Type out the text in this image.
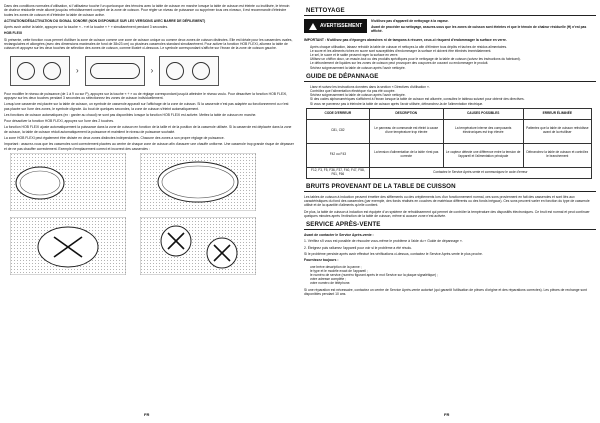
Dans des conditions normales d'utilisation, si l'utilisateur touche l'un quelconque des témoins avec la table de cuisson en marche lorsque la table de cuisson est éteinte ou inutilisée, le témoin de chaleur résiduelle reste allumé jusqu'au refroidissement complet de la zone de cuisson. Pour régler un niveau de puissance ou supprimer tous ces niveaux, il est recommandé d'éteindre toutes les zones de cuisson et d'éteindre la table de cuisson active.

ACTIVATION/DÉSACTIVATION DU SIGNAL SONORE (NON DISPONIBLE SUR LES VERSIONS AVEC BARRE DE DÉFILEMENT)

Après avoir activé la table, appuyez sur la touche « - » et la touche « + » simultanément pendant 3 secondes.

HOB FLEXI

Si présente, cette fonction vous permet d'utiliser la zone de cuisson comme une zone de cuisson unique ou comme deux zones de cuisson distinctes. Elle est idéale pour les casseroles ovales, rectangulaires et allongées (avec des dimensions maximales de fond de 38x23 cm) ou plusieurs casseroles standard simultanément. Pour activer la fonction HOB FLEXI, allumez la table de cuisson et appuyez sur les deux touches de sélection des zones de cuisson, comme illustré ci-dessous. Le symbole correspondant s'affiche sur l'écran de la zone de cuisson gauche.

›	›

Pour modifier le niveau de puissance (de 1 à 9 ou sur P), appuyez sur la touche « + » ou de réglage correspondant jusqu'à atteindre le niveau voulu. Pour désactiver la fonction HOB FLEXI, appuyez sur les deux touches pendant 3 secondes ou sélectionnez les zones de cuisson individuellement.

Lorsqu'une casserole est placée sur la table de cuisson, un symbole de casserole apparaît sur l'affichage de la zone de cuisson. Si la casserole n'est pas adaptée au fonctionnement ou n'est pas placée sur l'une des zones, le symbole clignote. Au bout de quelques secondes, la zone de cuisson s'éteint automatiquement.

Les fonctions de cuisson automatiques (ex : garder au chaud) ne sont pas disponibles lorsque la fonction HOB FLEXI est activée. Mettez la table de cuisson en marche.

Pour désactiver la fonction HOB FLEXI, appuyez sur l'une des 2 touches.

La fonction HOB FLEXI ajuste automatiquement la puissance dans la zone de cuisson en fonction de la taille et de la position de la casserole utilisée. Si la casserole est déplacée dans la zone de cuisson, la table de cuisson réduit automatiquement la puissance et maintient le niveau de puissance souhaité.

La zone HOB FLEXI peut également être divisée en deux zones distinctes indépendantes. Chacune des zones a son propre réglage de puissance.

Important : assurez-vous que les casseroles sont correctement placées au centre de chaque zone de cuisson afin d'assurer une chauffe uniforme. Une casserole trop grande risque de dépasser et de ne pas chauffer correctement. Exemple d'emplacement correct et incorrect des casseroles :

FR
NETTOYAGE
AVERTISSEMENT

N'utilisez pas d'appareil de nettoyage à la vapeur.

Avant de procéder au nettoyage, assurez-vous que les zones de cuisson sont éteintes et que le témoin de chaleur résiduelle (H) n'est pas affiché.

IMPORTANT : N'utilisez pas d'éponges abrasives ni de tampons à récurer, ceux-ci risquent d'endommager la surface en verre.

• Après chaque utilisation, laissez refroidir la table de cuisson et nettoyez-la afin d'éliminer tous dépôts et taches de résidus alimentaires.
• Le sucre et les aliments riches en sucre sont susceptibles d'endommager la surface et doivent être éliminés immédiatement.
• Le sel, le sucre et le sable peuvent rayer la surface en verre.
• Utilisez un chiffon doux, un essuie-tout ou des produits spécifiques pour le nettoyage de la table de cuisson (suivez les instructions du fabricant).
• Le débordement de liquides sur les zones de cuisson peut provoquer des coupures de courant ou endommager le produit.
• Séchez soigneusement la table de cuisson après l'avoir nettoyée.
GUIDE DE DÉPANNAGE
• Lisez et suivez les instructions données dans la section « Directives d'utilisation ».
• Contrôlez que l'alimentation électrique n'a pas été coupée.
• Séchez soigneusement la table de cuisson après l'avoir nettoyée.
• Si des codes alphanumériques s'affichent à l'écran lorsque la table de cuisson est allumée, consultez le tableau suivant pour obtenir des directives.
• Si vous ne parvenez pas à éteindre la table de cuisson après l'avoir utilisée, débranchez-la de l'alimentation électrique.
CODE D'ERREUR	DESCRIPTION	CAUSES POSSIBLES	ERREUR ÉLIMINÉE
C81, C82	Le panneau de commande est éteint à cause d'une température trop élevée	La température interne des composants électroniques est trop élevée	Patientez que la table de cuisson refroidisse avant de la réutiliser
F42 ou F43	La tension d'alimentation de la table n'est pas correcte	Le capteur détecte une différence entre la tension de l'appareil et l'alimentation principale	Débranchez la table de cuisson et contrôlez le branchement
F12, F3, F5, F36, F37, F40, F47, F58, F61, F66	Contactez le Service Après-vente et communiquez le code d'erreur		
BRUITS PROVENANT DE LA TABLE DE CUISSON

Les tables de cuisson à induction peuvent émettre des sifflements ou des crépitements lors d'un fonctionnement normal, ces sons proviennent en fait des casseroles et sont liés aux caractéristiques du fond des casseroles (par exemple, des fonds réalisés en couches de matériaux différents ou des fonds inégaux). Ces sons peuvent varier en fonction du type de casserole utilisé et de la quantité d'aliments qu'elle contient.

De plus, la table de cuisson à induction est équipée d'un système de refroidissement qui permet de contrôler la température des dispositifs électroniques. Ce bruit est normal et peut continuer quelques minutes après l'extinction de la table de cuisson, même si aucune zone n'est activée.

SERVICE APRÈS-VENTE

Avant de contacter le Service Après-vente :

1. Vérifiez s'il vous est possible de résoudre vous-même le problème à l'aide du « Guide de dépannage ».

2. Éteignez puis rallumez l'appareil pour voir si le problème a été résolu.

Si le problème persiste après avoir effectué les vérifications ci-dessus, contactez le Service Après-vente le plus proche.

Fournissez toujours :

• une brève description de la panne ;
• le type et le modèle exact de l'appareil ;
• le numéro de service (numéro figurant après le mot Service sur la plaque signalétique) ;
• votre adresse complète ;
• votre numéro de téléphone.

Si une réparation est nécessaire, contactez un centre de Service Après-vente autorisé (qui garantit l'utilisation de pièces d'origine et des réparations correctes). Les pièces de rechange sont disponibles pendant 10 ans.

FR
